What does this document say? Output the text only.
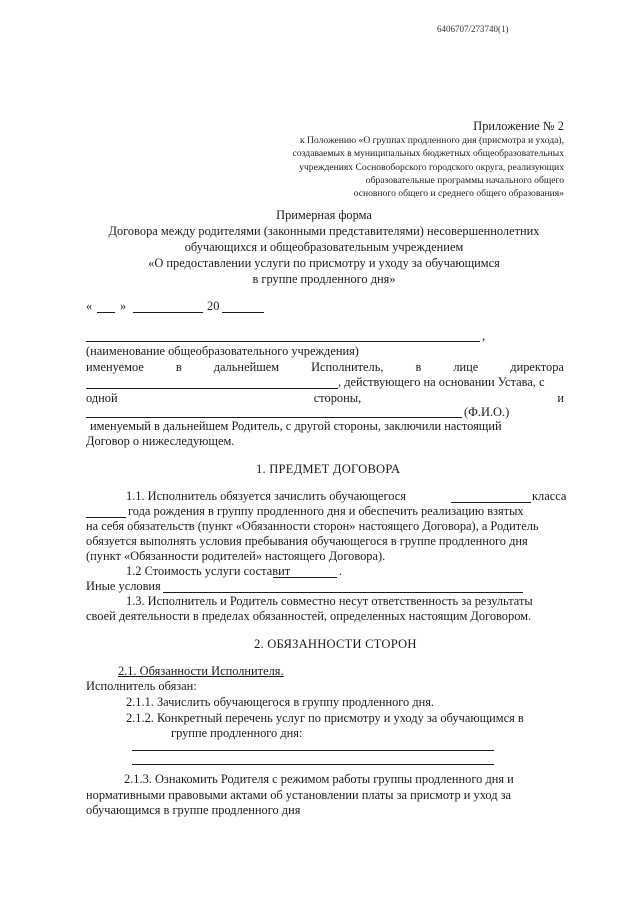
6406707/273740(1)
Приложение № 2
к Положению «О группах продленного дня (присмотра и ухода),
создаваемых в муниципальных бюджетных общеобразовательных
учреждениях Сосновоборского городского округа, реализующих
образовательные программы начального общего
основного общего и среднего общего образования»
Примерная форма
Договора между родителями (законными представителями) несовершеннолетних
обучающихся и общеобразовательным учреждением
«О предоставлении услуги по присмотру и уходу за обучающимся
в группе продленного дня»
« »	20
,
(наименование общеобразовательного учреждения)
именуемое	в	дальнейшем	Исполнитель,	в	лице	директора
, действующего на основании Устава, с
одной	стороны,	и
(Ф.И.О.)
именуемый в дальнейшем Родитель, с другой стороны, заключили настоящий
Договор о нижеследующем.
1. ПРЕДМЕТ ДОГОВОРА
1.1. Исполнитель обязуется зачислить обучающегося	класса
года рождения в группу продленного дня и обеспечить реализацию взятых
на себя обязательств (пункт «Обязанности сторон» настоящего Договора), а Родитель
обязуется выполнять условия пребывания обучающегося в группе продленного дня
(пункт «Обязанности родителей» настоящего Договора).
1.2 Стоимость услуги составит	.
Иные условия
1.3. Исполнитель и Родитель совместно несут ответственность за результаты
своей деятельности в пределах обязанностей, определенных настоящим Договором.
2. ОБЯЗАННОСТИ СТОРОН
2.1. Обязанности Исполнителя.
Исполнитель обязан:
2.1.1. Зачислить обучающегося в группу продленного дня.
2.1.2. Конкретный перечень услуг по присмотру и уходу за обучающимся в
группе продленного дня:
2.1.3. Ознакомить Родителя с режимом работы группы продленного дня и
нормативными правовыми актами об установлении платы за присмотр и уход за
обучающимся в группе продленного дня
